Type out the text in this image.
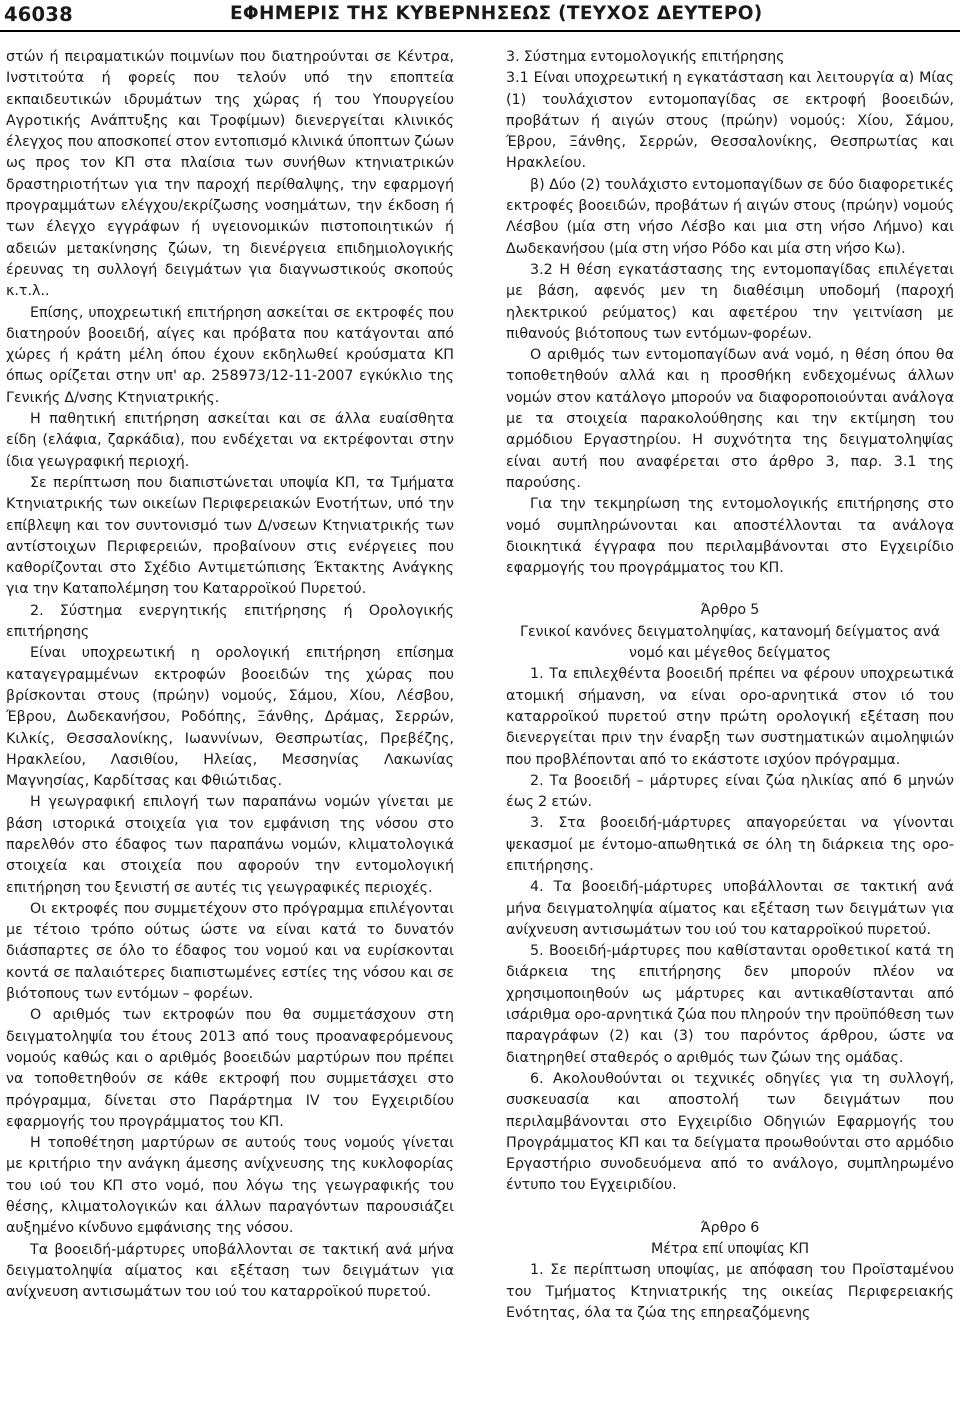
46038	ΕΦΗΜΕΡΙΣ ΤΗΣ ΚΥΒΕΡΝΗΣΕΩΣ (ΤΕΥΧΟΣ ΔΕΥΤΕΡΟ)

στών ή πειραματικών ποιμνίων που διατηρούνται σε Κέντρα, Ινστιτούτα ή φορείς που τελούν υπό την εποπτεία εκπαιδευτικών ιδρυμάτων της χώρας ή του Υπουργείου Αγροτικής Ανάπτυξης και Τροφίμων) διενεργείται κλινικός έλεγχος που αποσκοπεί στον εντοπισμό κλινικά ύποπτων ζώων ως προς τον ΚΠ στα πλαίσια των συνήθων κτηνιατρικών δραστηριοτήτων για την παροχή περίθαλψης, την εφαρμογή προγραμμάτων ελέγχου/εκρίζωσης νοσημάτων, την έκδοση ή των έλεγχο εγγράφων ή υγειονομικών πιστοποιητικών ή αδειών μετακίνησης ζώων, τη διενέργεια επιδημιολογικής έρευνας τη συλλογή δειγμάτων για διαγνωστικούς σκοπούς κ.τ.λ..

Επίσης, υποχρεωτική επιτήρηση ασκείται σε εκτροφές που διατηρούν βοοειδή, αίγες και πρόβατα που κατάγονται από χώρες ή κράτη μέλη όπου έχουν εκδηλωθεί κρούσματα ΚΠ όπως ορίζεται στην υπ' αρ. 258973/12-11-2007 εγκύκλιο της Γενικής Δ/νσης Κτηνιατρικής.

Η παθητική επιτήρηση ασκείται και σε άλλα ευαίσθητα είδη (ελάφια, ζαρκάδια), που ενδέχεται να εκτρέφονται στην ίδια γεωγραφική περιοχή.

Σε περίπτωση που διαπιστώνεται υποψία ΚΠ, τα Τμήματα Κτηνιατρικής των οικείων Περιφερειακών Ενοτήτων, υπό την επίβλεψη και τον συντονισμό των Δ/νσεων Κτηνιατρικής των αντίστοιχων Περιφερειών, προβαίνουν στις ενέργειες που καθορίζονται στο Σχέδιο Αντιμετώπισης Έκτακτης Ανάγκης για την Καταπολέμηση του Καταρροϊκού Πυρετού.

2. Σύστημα ενεργητικής επιτήρησης ή Ορολογικής επιτήρησης

Είναι υποχρεωτική η ορολογική επιτήρηση επίσημα καταγεγραμμένων εκτροφών βοοειδών της χώρας που βρίσκονται στους (πρώην) νομούς, Σάμου, Χίου, Λέσβου, Έβρου, Δωδεκανήσου, Ροδόπης, Ξάνθης, Δράμας, Σερρών, Κιλκίς, Θεσσαλονίκης, Ιωαννίνων, Θεσπρωτίας, Πρεβέζης, Ηρακλείου, Λασιθίου, Ηλείας, Μεσσηνίας Λακωνίας Μαγνησίας, Καρδίτσας και Φθιώτιδας.

Η γεωγραφική επιλογή των παραπάνω νομών γίνεται με βάση ιστορικά στοιχεία για τον εμφάνιση της νόσου στο παρελθόν στο έδαφος των παραπάνω νομών, κλιματολογικά στοιχεία και στοιχεία που αφορούν την εντομολογική επιτήρηση του ξενιστή σε αυτές τις γεωγραφικές περιοχές.

Οι εκτροφές που συμμετέχουν στο πρόγραμμα επιλέγονται με τέτοιο τρόπο ούτως ώστε να είναι κατά το δυνατόν διάσπαρτες σε όλο το έδαφος του νομού και να ευρίσκονται κοντά σε παλαιότερες διαπιστωμένες εστίες της νόσου και σε βιότοπους των εντόμων – φορέων.

Ο αριθμός των εκτροφών που θα συμμετάσχουν στη δειγματοληψία του έτους 2013 από τους προαναφερόμενους νομούς καθώς και ο αριθμός βοοειδών μαρτύρων που πρέπει να τοποθετηθούν σε κάθε εκτροφή που συμμετάσχει στο πρόγραμμα, δίνεται στο Παράρτημα IV του Εγχειριδίου εφαρμογής του προγράμματος του ΚΠ.

Η τοποθέτηση μαρτύρων σε αυτούς τους νομούς γίνεται με κριτήριο την ανάγκη άμεσης ανίχνευσης της κυκλοφορίας του ιού του ΚΠ στο νομό, που λόγω της γεωγραφικής του θέσης, κλιματολογικών και άλλων παραγόντων παρουσιάζει αυξημένο κίνδυνο εμφάνισης της νόσου.

Τα βοοειδή-μάρτυρες υποβάλλονται σε τακτική ανά μήνα δειγματοληψία αίματος και εξέταση των δειγμάτων για ανίχνευση αντισωμάτων του ιού του καταρροϊκού πυρετού.

3. Σύστημα εντομολογικής επιτήρησης

3.1 Είναι υποχρεωτική η εγκατάσταση και λειτουργία α) Μίας (1) τουλάχιστον εντομοπαγίδας σε εκτροφή βοοειδών, προβάτων ή αιγών στους (πρώην) νομούς: Χίου, Σάμου, Έβρου, Ξάνθης, Σερρών, Θεσσαλονίκης, Θεσπρωτίας και Ηρακλείου.

β) Δύο (2) τουλάχιστο εντομοπαγίδων σε δύο διαφορετικές εκτροφές βοοειδών, προβάτων ή αιγών στους (πρώην) νομούς Λέσβου (μία στη νήσο Λέσβο και μια στη νήσο Λήμνο) και Δωδεκανήσου (μία στη νήσο Ρόδο και μία στη νήσο Κω).

3.2 Η θέση εγκατάστασης της εντομοπαγίδας επιλέγεται με βάση, αφενός μεν τη διαθέσιμη υποδομή (παροχή ηλεκτρικού ρεύματος) και αφετέρου την γειτνίαση με πιθανούς βιότοπους των εντόμων-φορέων.

Ο αριθμός των εντομοπαγίδων ανά νομό, η θέση όπου θα τοποθετηθούν αλλά και η προσθήκη ενδεχομένως άλλων νομών στον κατάλογο μπορούν να διαφοροποιούνται ανάλογα με τα στοιχεία παρακολούθησης και την εκτίμηση του αρμόδιου Εργαστηρίου. Η συχνότητα της δειγματοληψίας είναι αυτή που αναφέρεται στο άρθρο 3, παρ. 3.1 της παρούσης.

Για την τεκμηρίωση της εντομολογικής επιτήρησης στο νομό συμπληρώνονται και αποστέλλονται τα ανάλογα διοικητικά έγγραφα που περιλαμβάνονται στο Εγχειρίδιο εφαρμογής του προγράμματος του ΚΠ.

Άρθρο 5

Γενικοί κανόνες δειγματοληψίας, κατανομή δείγματος ανά νομό και μέγεθος δείγματος

1. Τα επιλεχθέντα βοοειδή πρέπει να φέρουν υποχρεωτικά ατομική σήμανση, να είναι ορο-αρνητικά στον ιό του καταρροϊκού πυρετού στην πρώτη ορολογική εξέταση που διενεργείται πριν την έναρξη των συστηματικών αιμοληψιών που προβλέπονται από το εκάστοτε ισχύον πρόγραμμα.

2. Τα βοοειδή – μάρτυρες είναι ζώα ηλικίας από 6 μηνών έως 2 ετών.

3. Στα βοοειδή-μάρτυρες απαγορεύεται να γίνονται ψεκασμοί με έντομο-απωθητικά σε όλη τη διάρκεια της ορο-επιτήρησης.

4. Τα βοοειδή-μάρτυρες υποβάλλονται σε τακτική ανά μήνα δειγματοληψία αίματος και εξέταση των δειγμάτων για ανίχνευση αντισωμάτων του ιού του καταρροϊκού πυρετού.

5. Βοοειδή-μάρτυρες που καθίστανται οροθετικοί κατά τη διάρκεια της επιτήρησης δεν μπορούν πλέον να χρησιμοποιηθούν ως μάρτυρες και αντικαθίστανται από ισάριθμα ορο-αρνητικά ζώα που πληρούν την προϋπόθεση των παραγράφων (2) και (3) του παρόντος άρθρου, ώστε να διατηρηθεί σταθερός ο αριθμός των ζώων της ομάδας.

6. Ακολουθούνται οι τεχνικές οδηγίες για τη συλλογή, συσκευασία και αποστολή των δειγμάτων που περιλαμβάνονται στο Εγχειρίδιο Οδηγιών Εφαρμογής του Προγράμματος ΚΠ και τα δείγματα προωθούνται στο αρμόδιο Εργαστήριο συνοδευόμενα από το ανάλογο, συμπληρωμένο έντυπο του Εγχειριδίου.

Άρθρο 6

Μέτρα επί υποψίας ΚΠ

1. Σε περίπτωση υποψίας, με απόφαση του Προϊσταμένου του Τμήματος Κτηνιατρικής της οικείας Περιφερειακής Ενότητας, όλα τα ζώα της επηρεαζόμενης
